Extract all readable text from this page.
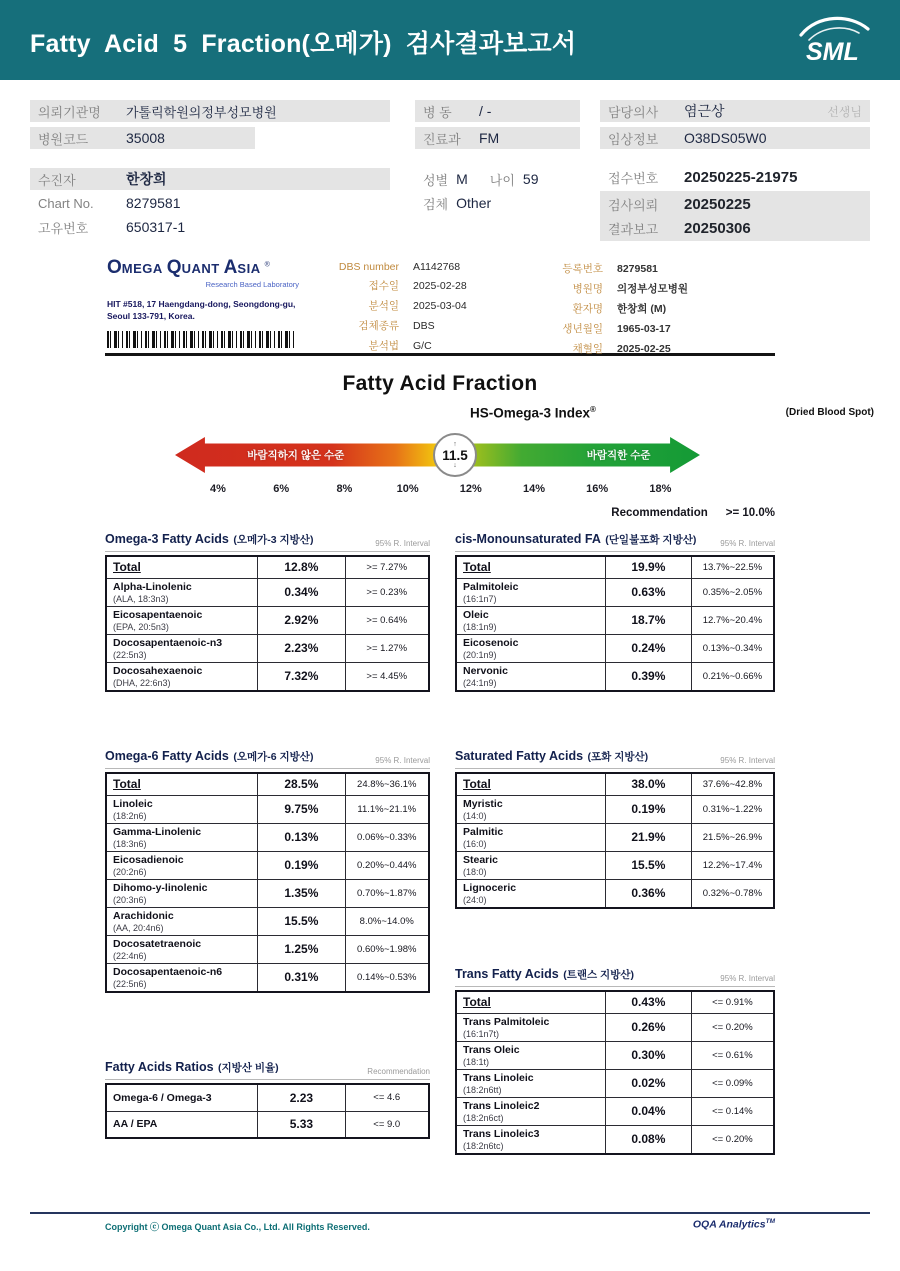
Fatty Acid 5 Fraction(오메가) 검사결과보고서	SML
의뢰기관명	가톨릭학원의정부성모병원
병원코드	35008
병 동	/ -
진료과	FM
담당의사	염근상	선생님
임상정보	O38DS05W0
수진자	한창희	성별 M 나이 59	접수번호	20250225-21975
Chart No.	8279581	검체 Other
고유번호	650317-1
검사의뢰	20250225
결과보고	20250306
OMEGA QUANT ASIA ®
Research Based Laboratory
HIT #518, 17 Haengdang-dong, Seongdong-gu,
Seoul 133-791, Korea.
DBS number A1142768
접수일 2025-02-28
분석일 2025-03-04
검체종류 DBS
분석법 G/C
등록번호 8279581
병원명 의정부성모병원
환자명 한창희 (M)
생년월일 1965-03-17
채혈일 2025-02-25
Fatty Acid Fraction
HS-Omega-3 Index®	(Dried Blood Spot)
바람직하지 않은 수준	바람직한 수준
↑
11.5
↓
4%	6%	8%	10%	12%	14%	16%	18%
Recommendation >= 10.0%
Omega-3 Fatty Acids (오메가-3 지방산)	95% R. Interval
Total	12.8%	>= 7.27%

Alpha-Linolenic
(ALA, 18:3n3)	0.34%	>= 0.23%

Eicosapentaenoic
(EPA, 20:5n3)	2.92%	>= 0.64%

Docosapentaenoic-n3
(22:5n3)	2.23%	>= 1.27%

Docosahexaenoic
(DHA, 22:6n3)	7.32%	>= 4.45%
cis-Monounsaturated FA (단일불포화 지방산)	95% R. Interval
Total	19.9%	13.7%~22.5%

Palmitoleic
(16:1n7)	0.63%	0.35%~2.05%

Oleic
(18:1n9)	18.7%	12.7%~20.4%

Eicosenoic
(20:1n9)	0.24%	0.13%~0.34%

Nervonic
(24:1n9)	0.39%	0.21%~0.66%
Omega-6 Fatty Acids (오메가-6 지방산)	95% R. Interval
Total	28.5%	24.8%~36.1%

Linoleic
(18:2n6)	9.75%	11.1%~21.1%

Gamma-Linolenic
(18:3n6)	0.13%	0.06%~0.33%

Eicosadienoic
(20:2n6)	0.19%	0.20%~0.44%

Dihomo-y-linolenic
(20:3n6)	1.35%	0.70%~1.87%

Arachidonic
(AA, 20:4n6)	15.5%	8.0%~14.0%

Docosatetraenoic
(22:4n6)	1.25%	0.60%~1.98%

Docosapentaenoic-n6
(22:5n6)	0.31%	0.14%~0.53%
Saturated Fatty Acids (포화 지방산)	95% R. Interval
Total	38.0%	37.6%~42.8%

Myristic
(14:0)	0.19%	0.31%~1.22%

Palmitic
(16:0)	21.9%	21.5%~26.9%

Stearic
(18:0)	15.5%	12.2%~17.4%

Lignoceric
(24:0)	0.36%	0.32%~0.78%
Fatty Acids Ratios (지방산 비율)	Recommendation
Omega-6 / Omega-3	2.23	<= 4.6

AA / EPA	5.33	<= 9.0
Trans Fatty Acids (트랜스 지방산)	95% R. Interval
Total	0.43%	<= 0.91%

Trans Palmitoleic
(16:1n7t)	0.26%	<= 0.20%

Trans Oleic
(18:1t)	0.30%	<= 0.61%

Trans Linoleic
(18:2n6tt)	0.02%	<= 0.09%

Trans Linoleic2
(18:2n6ct)	0.04%	<= 0.14%

Trans Linoleic3
(18:2n6tc)	0.08%	<= 0.20%
Copyright ⓒ Omega Quant Asia Co., Ltd. All Rights Reserved.	OQA Analytics™
